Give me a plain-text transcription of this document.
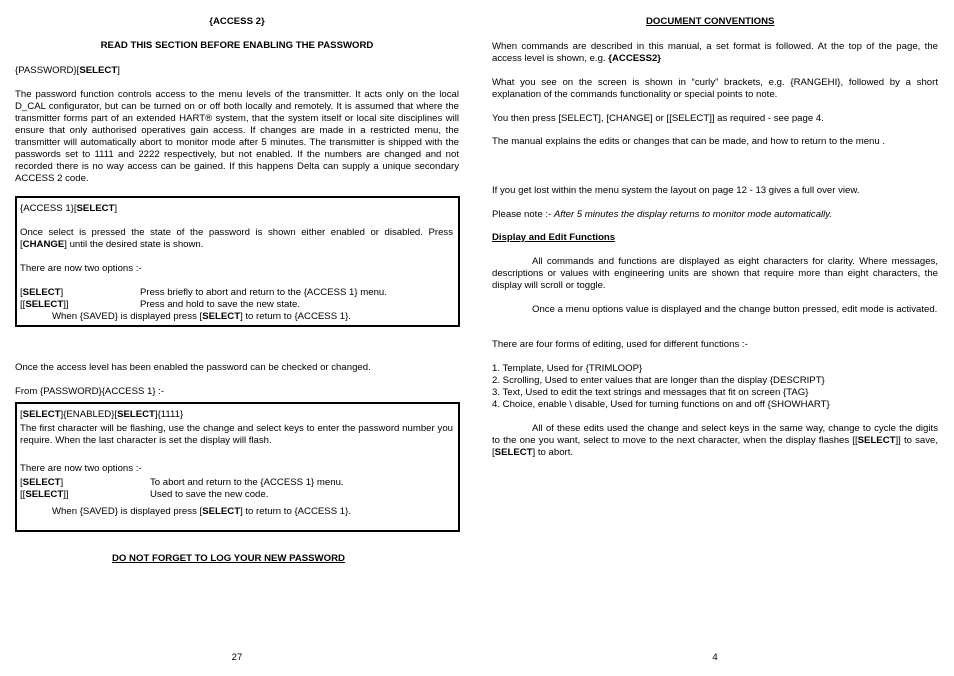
{ACCESS 2}
READ THIS SECTION BEFORE ENABLING THE PASSWORD
{PASSWORD}[SELECT]
The password function controls access to the menu levels of the transmitter. It acts only on the local D_CAL configurator, but can be turned on or off both locally and remotely. It is assumed that where the transmitter forms part of an extended HART® system, that the system itself or local site disciplines will ensure that only authorised operatives gain access. If changes are made in a restricted menu, the transmitter will automatically abort to monitor mode after 5 minutes. The transmitter is shipped with the passwords set to 1111 and 2222 respectively, but not enabled. If the numbers are changed and not recorded there is no way access can be gained. If this happens Delta can supply a unique secondary ACCESS 2 code.
{ACCESS 1}[SELECT]
Once select is pressed the state of the password is shown either enabled or disabled. Press [CHANGE] until the desired state is shown.
There are now two options :-
[SELECT]	Press briefly to abort and return to the {ACCESS 1} menu.
[[SELECT]]	Press and hold to save the new state.
When {SAVED} is displayed press [SELECT] to return to {ACCESS 1}.
Once the access level has been enabled the password can be checked or changed.
From {PASSWORD}{ACCESS 1} :-
[SELECT]{ENABLED}[SELECT]{1111}
The first character will be flashing, use the change and select keys to enter the password number you require. When the last character is set the display will flash.
There are now two options :-
[SELECT]	To abort and return to the {ACCESS 1} menu.
[[SELECT]]	Used to save the new code.
When {SAVED} is displayed press [SELECT] to return to {ACCESS 1}.
DO NOT FORGET TO LOG YOUR NEW PASSWORD
27
DOCUMENT CONVENTIONS
When commands are described in this manual, a set format is followed. At the top of the page, the access level is shown, e.g. {ACCESS2}
What you see on the screen is shown in “curly” brackets, e.g. {RANGEHI}, followed by a short explanation of the commands functionality or special points to note.
You then press [SELECT], [CHANGE] or [[SELECT]] as required - see page 4.
The manual explains the edits or changes that can be made, and how to return to the menu .
If you get lost within the menu system the layout on page 12 - 13 gives a full over view.
Please note :- After 5 minutes the display returns to monitor mode automatically.
Display and Edit Functions
All commands and functions are displayed as eight characters for clarity. Where messages, descriptions or values with engineering units are shown that require more than eight characters, the display will scroll or toggle.
Once a menu options value is displayed and the change button pressed, edit mode is activated.
There are four forms of editing, used for different functions :-
1. Template, Used for {TRIMLOOP}
2. Scrolling, Used to enter values that are longer than the display {DESCRIPT}
3. Text, Used to edit the text strings and messages that fit on screen {TAG}
4. Choice, enable \ disable, Used for turning functions on and off {SHOWHART}
All of these edits used the change and select keys in the same way, change to cycle the digits to the one you want, select to move to the next character, when the display flashes [[SELECT]] to save, [SELECT] to abort.
4
